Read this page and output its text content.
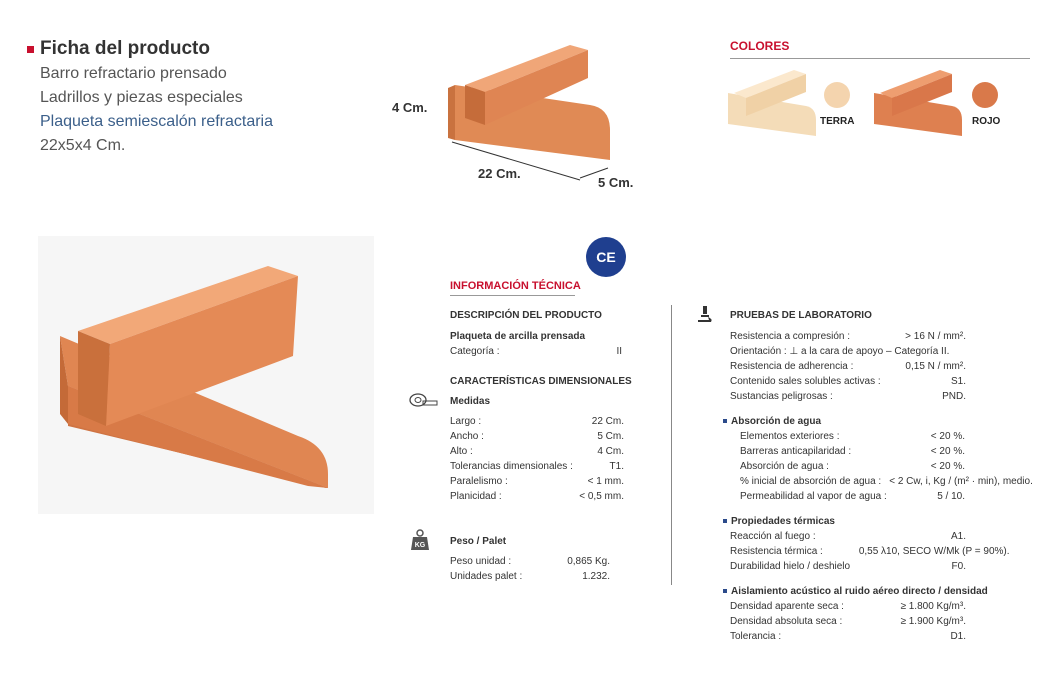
Ficha del producto
Barro refractario prensado
Ladrillos y piezas especiales
Plaqueta semiescalón refractaria
22x5x4 Cm.
4 Cm.
22 Cm.
5 Cm.
COLORES
TERRA	ROJO
CE
INFORMACIÓN TÉCNICA
DESCRIPCIÓN DEL PRODUCTO
Plaqueta de arcilla prensada
Categoría :	II
CARACTERÍSTICAS DIMENSIONALES
Medidas
Largo :	22 Cm.
Ancho :	5 Cm.
Alto :	4 Cm.
Tolerancias dimensionales :	T1.
Paralelismo :	< 1 mm.
Planicidad :	< 0,5 mm.
KG Peso / Palet
Peso unidad :	0,865 Kg.
Unidades palet :	1.232.
PRUEBAS DE LABORATORIO
Resistencia a compresión :	> 16 N / mm².
Orientación : ⊥ a la cara de apoyo – Categoría II.
Resistencia de adherencia :	0,15 N / mm².
Contenido sales solubles activas :	S1.
Sustancias peligrosas :	PND.
Absorción de agua
Elementos exteriores :	< 20 %.
Barreras anticapilaridad :	< 20 %.
Absorción de agua :	< 20 %.
% inicial de absorción de agua : < 2 Cw, i, Kg / (m² · min), medio.
Permeabilidad al vapor de agua :	5 / 10.
Propiedades térmicas
Reacción al fuego :	A1.
Resistencia térmica :	0,55 λ10, SECO W/Mk (P = 90%).
Durabilidad hielo / deshielo	F0.
Aislamiento acústico al ruido aéreo directo / densidad
Densidad aparente seca :	≥ 1.800 Kg/m³.
Densidad absoluta seca :	≥ 1.900 Kg/m³.
Tolerancia :	D1.
